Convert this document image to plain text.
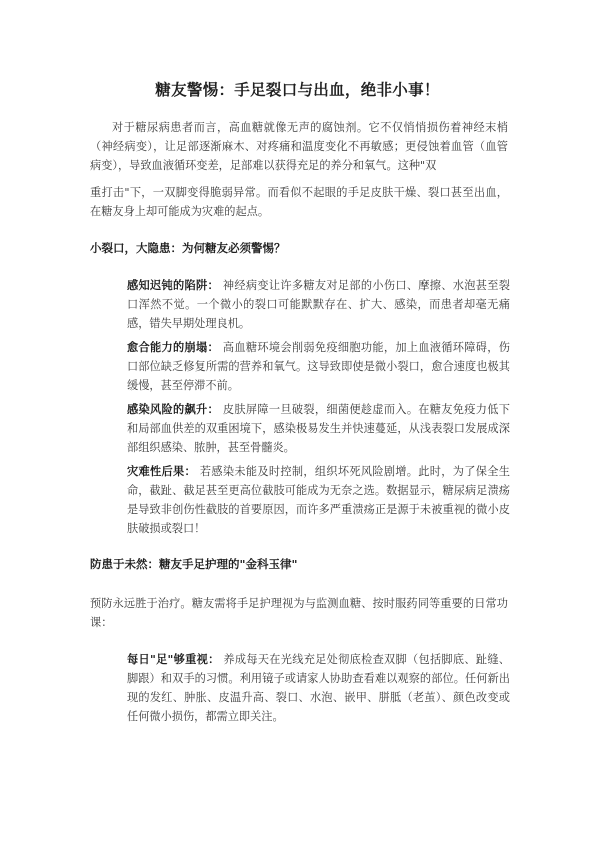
糖友警惕：手足裂口与出血，绝非小事！
对于糖尿病患者而言，高血糖就像无声的腐蚀剂。它不仅悄悄损伤着神经末梢（神经病变），让足部逐渐麻木、对疼痛和温度变化不再敏感；更侵蚀着血管（血管病变），导致血液循环变差，足部难以获得充足的养分和氧气。这种"双
重打击"下，一双脚变得脆弱异常。而看似不起眼的手足皮肤干燥、裂口甚至出血，在糖友身上却可能成为灾难的起点。
小裂口，大隐患：为何糖友必须警惕？
感知迟钝的陷阱： 神经病变让许多糖友对足部的小伤口、摩擦、水泡甚至裂口浑然不觉。一个微小的裂口可能默默存在、扩大、感染，而患者却毫无痛感，错失早期处理良机。
愈合能力的崩塌： 高血糖环境会削弱免疫细胞功能，加上血液循环障碍，伤口部位缺乏修复所需的营养和氧气。这导致即使是微小裂口，愈合速度也极其缓慢，甚至停滞不前。
感染风险的飙升： 皮肤屏障一旦破裂，细菌便趁虚而入。在糖友免疫力低下和局部血供差的双重困境下，感染极易发生并快速蔓延，从浅表裂口发展成深部组织感染、脓肿，甚至骨髓炎。
灾难性后果： 若感染未能及时控制，组织坏死风险剧增。此时，为了保全生命，截趾、截足甚至更高位截肢可能成为无奈之选。数据显示，糖尿病足溃疡是导致非创伤性截肢的首要原因，而许多严重溃疡正是源于未被重视的微小皮肤破损或裂口！
防患于未然：糖友手足护理的"金科玉律"
预防永远胜于治疗。糖友需将手足护理视为与监测血糖、按时服药同等重要的日常功课：
每日"足"够重视： 养成每天在光线充足处彻底检查双脚（包括脚底、趾缝、脚跟）和双手的习惯。利用镜子或请家人协助查看难以观察的部位。任何新出现的发红、肿胀、皮温升高、裂口、水泡、嵌甲、胼胝（老茧）、颜色改变或任何微小损伤，都需立即关注。
